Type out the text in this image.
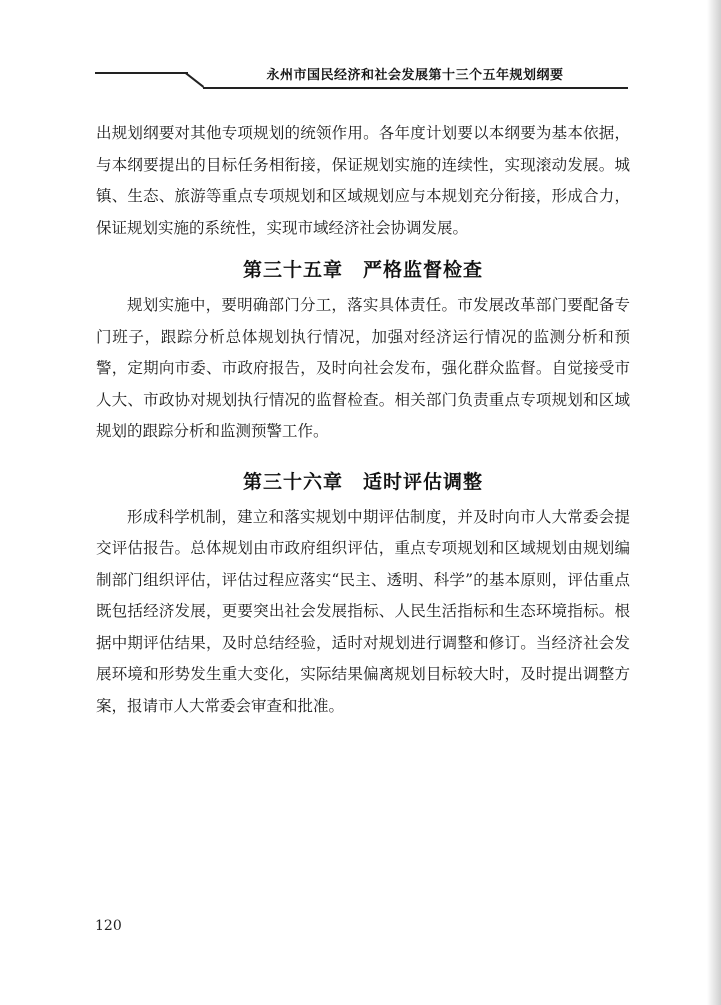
永州市国民经济和社会发展第十三个五年规划纲要

出规划纲要对其他专项规划的统领作用。各年度计划要以本纲要为基本依据，与本纲要提出的目标任务相衔接，保证规划实施的连续性，实现滚动发展。城镇、生态、旅游等重点专项规划和区域规划应与本规划充分衔接，形成合力，保证规划实施的系统性，实现市域经济社会协调发展。

第三十五章　严格监督检查

规划实施中，要明确部门分工，落实具体责任。市发展改革部门要配备专门班子，跟踪分析总体规划执行情况，加强对经济运行情况的监测分析和预警，定期向市委、市政府报告，及时向社会发布，强化群众监督。自觉接受市人大、市政协对规划执行情况的监督检查。相关部门负责重点专项规划和区域规划的跟踪分析和监测预警工作。

第三十六章　适时评估调整

形成科学机制，建立和落实规划中期评估制度，并及时向市人大常委会提交评估报告。总体规划由市政府组织评估，重点专项规划和区域规划由规划编制部门组织评估，评估过程应落实“民主、透明、科学”的基本原则，评估重点既包括经济发展，更要突出社会发展指标、人民生活指标和生态环境指标。根据中期评估结果，及时总结经验，适时对规划进行调整和修订。当经济社会发展环境和形势发生重大变化，实际结果偏离规划目标较大时，及时提出调整方案，报请市人大常委会审查和批准。

120
